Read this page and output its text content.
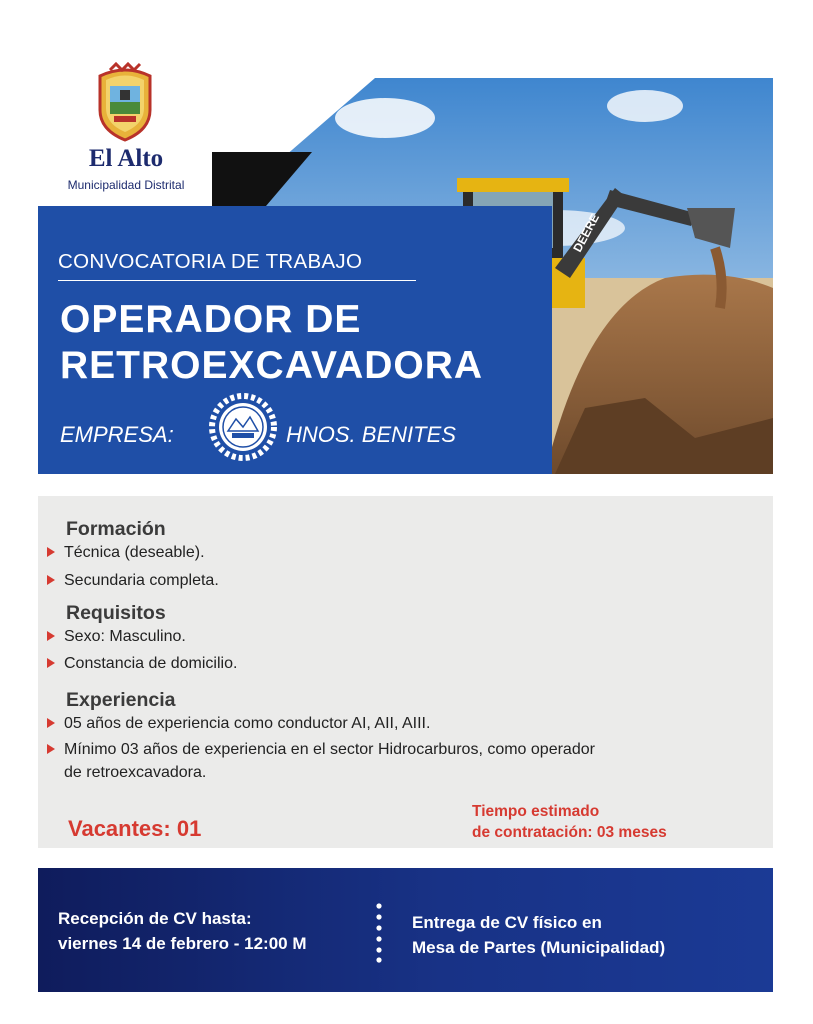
El Alto
Municipalidad Distrital
DEERE
CONVOCATORIA DE TRABAJO
OPERADOR DE
RETROEXCAVADORA
EMPRESA:	HNOS. BENITES
Formación
Técnica (deseable).
Secundaria completa.
Requisitos
Sexo: Masculino.
Constancia de domicilio.
Experiencia
05 años de experiencia como conductor AI, AII, AIII.
Mínimo 03 años de experiencia en el sector Hidrocarburos, como operador
de retroexcavadora.
Vacantes: 01
Tiempo estimado
de contratación: 03 meses
Recepción de CV hasta:
viernes 14 de febrero - 12:00 M
Entrega de CV físico en
Mesa de Partes (Municipalidad)
